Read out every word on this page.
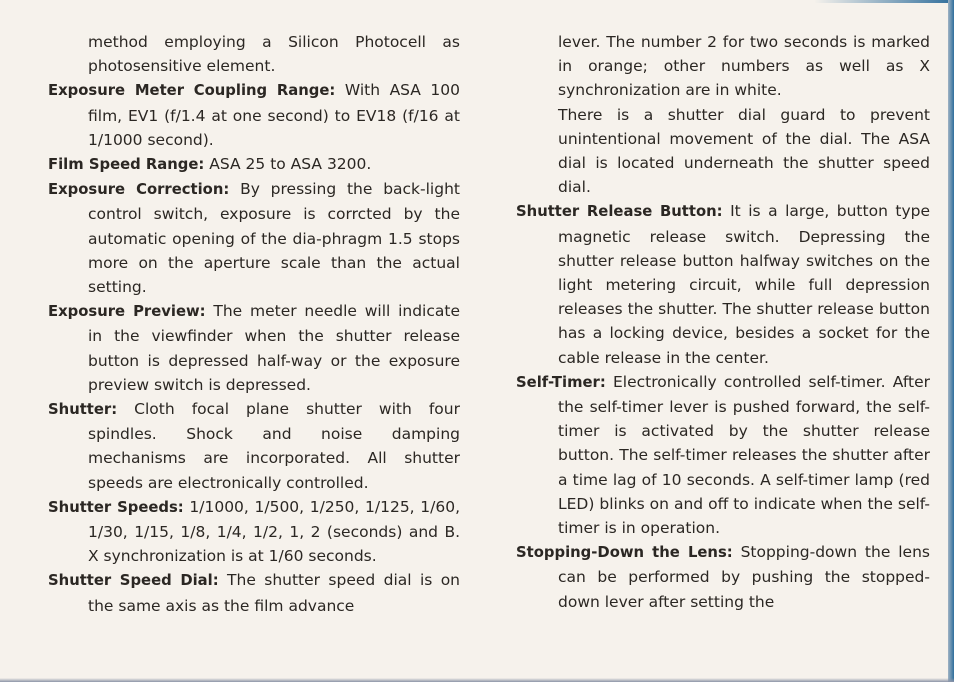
method employing a Silicon Photocell as photosensitive element.

Exposure Meter Coupling Range: With ASA 100 film, EV1 (f/1.4 at one second) to EV18 (f/16 at 1/1000 second).

Film Speed Range: ASA 25 to ASA 3200.

Exposure Correction: By pressing the back-light control switch, exposure is corrcted by the automatic opening of the dia-phragm 1.5 stops more on the aperture scale than the actual setting.

Exposure Preview: The meter needle will indicate in the viewfinder when the shutter release button is depressed half-way or the exposure preview switch is depressed.

Shutter: Cloth focal plane shutter with four spindles. Shock and noise damping mechanisms are incorporated. All shutter speeds are electronically controlled.

Shutter Speeds: 1/1000, 1/500, 1/250, 1/125, 1/60, 1/30, 1/15, 1/8, 1/4, 1/2, 1, 2 (seconds) and B. X synchronization is at 1/60 seconds.

Shutter Speed Dial: The shutter speed dial is on the same axis as the film advance

lever. The number 2 for two seconds is marked in orange; other numbers as well as X synchronization are in white.

There is a shutter dial guard to prevent unintentional movement of the dial. The ASA dial is located underneath the shutter speed dial.

Shutter Release Button: It is a large, button type magnetic release switch. Depressing the shutter release button halfway switches on the light metering circuit, while full depression releases the shutter. The shutter release button has a locking device, besides a socket for the cable release in the center.

Self-Timer: Electronically controlled self-timer. After the self-timer lever is pushed forward, the self-timer is activated by the shutter release button. The self-timer releases the shutter after a time lag of 10 seconds. A self-timer lamp (red LED) blinks on and off to indicate when the self-timer is in operation.

Stopping-Down the Lens: Stopping-down the lens can be performed by pushing the stopped-down lever after setting the
